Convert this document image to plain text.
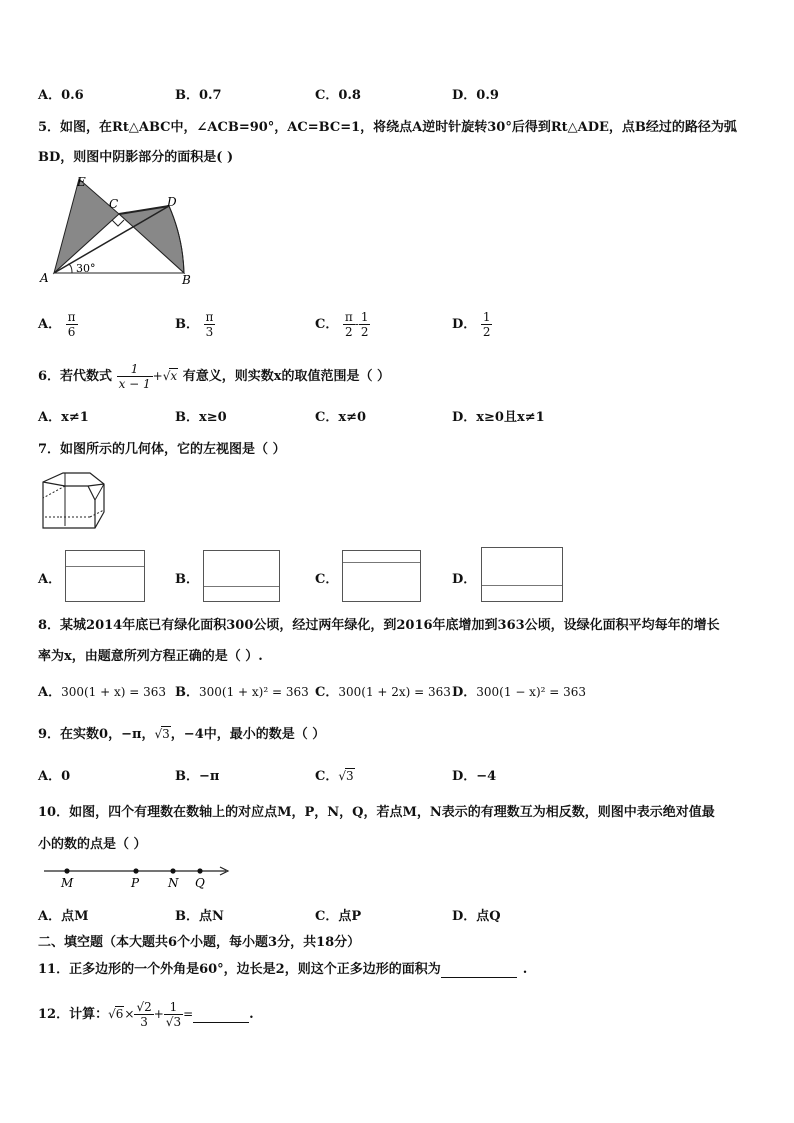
A．0.6	B．0.7	C．0.8	D．0.9
5．如图，在Rt△ABC中，∠ACB=90°，AC=BC=1，将绕点A逆时针旋转30°后得到Rt△ADE，点B经过的路径为弧
BD，则图中阴影部分的面积是( )
E
C	D
A	B
30°
A． $\frac{\pi}{6}$	B． $\frac{\pi}{3}$	C． $\frac{\pi}{2} - \frac{1}{2}$	D． $\frac{1}{2}$
6．若代数式 $\frac{1}{x - 1} +√x$ 有意义，则实数x的取值范围是（ ）
A．x≠1	B．x≥0	C．x≠0	D．x≥0且x≠1
7．如图所示的几何体，它的左视图是（ ）
A．	B．	C．	D．
8．某城2014年底已有绿化面积300公顷，经过两年绿化，到2016年底增加到363公顷，设绿化面积平均每年的增长
率为x，由题意所列方程正确的是（ ）.
A．300(1 + x) = 363 B．300(1 + x)² = 363 C．300(1 + 2x) = 363 D．300(1 − x)² = 363
9．在实数0，−π，√3，−4中，最小的数是（ ）
A．0	B．−π	C．√3	D．−4
10．如图，四个有理数在数轴上的对应点M，P，N，Q，若点M，N表示的有理数互为相反数，则图中表示绝对值最
小的数的点是（ ）
M	P N Q
A．点M	B．点N	C．点P	D．点Q
二、填空题（本大题共6个小题，每小题3分，共18分）
11．正多边形的一个外角是60°，边长是2，则这个正多边形的面积为	.
12．计算：$√6\times \frac{√2}{3} + \frac{1}{√3}$ =	.
